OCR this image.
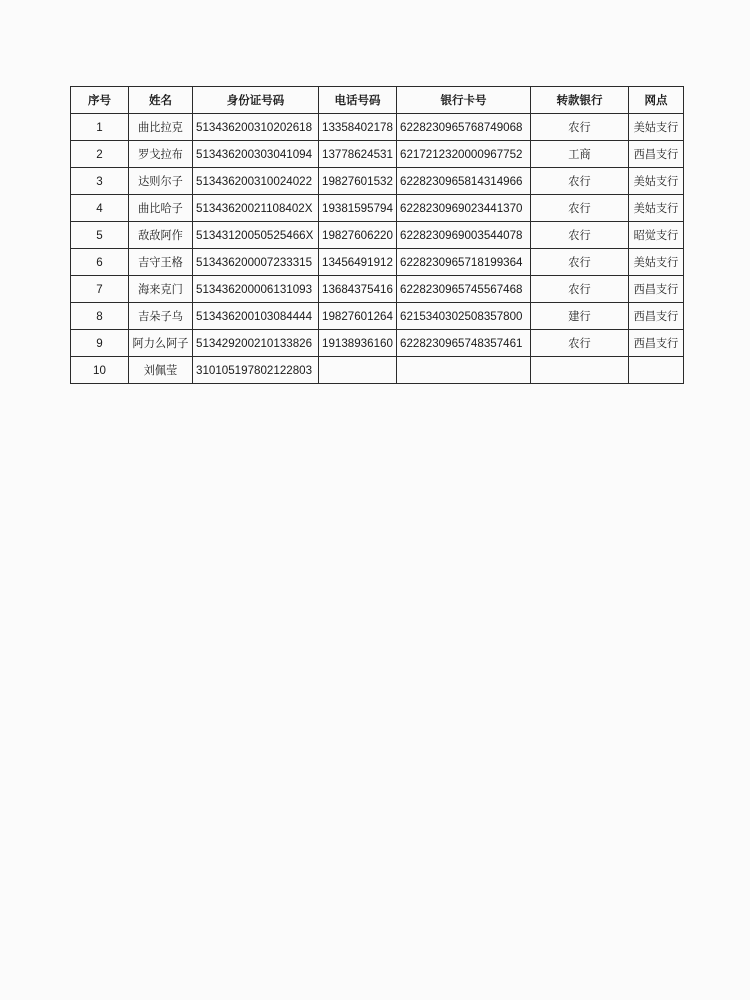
序号	姓名	身份证号码	电话号码	银行卡号	转款银行	网点
1	曲比拉克	513436200310202618	13358402178	6228230965768749068	农行	美姑支行
2	罗戈拉布	513436200303041094	13778624531	6217212320000967752	工商	西昌支行
3	达则尔子	513436200310024022	19827601532	6228230965814314966	农行	美姑支行
4	曲比哈子	51343620021108402X	19381595794	6228230969023441370	农行	美姑支行
5	敌敌阿作	51343120050525466X	19827606220	6228230969003544078	农行	昭觉支行
6	吉守王格	513436200007233315	13456491912	6228230965718199364	农行	美姑支行
7	海来克门	513436200006131093	13684375416	6228230965745567468	农行	西昌支行
8	吉朵子乌	513436200103084444	19827601264	6215340302508357800	建行	西昌支行
9	阿力么阿子	513429200210133826	19138936160	6228230965748357461	农行	西昌支行
10	刘佩莹	310105197802122803				
